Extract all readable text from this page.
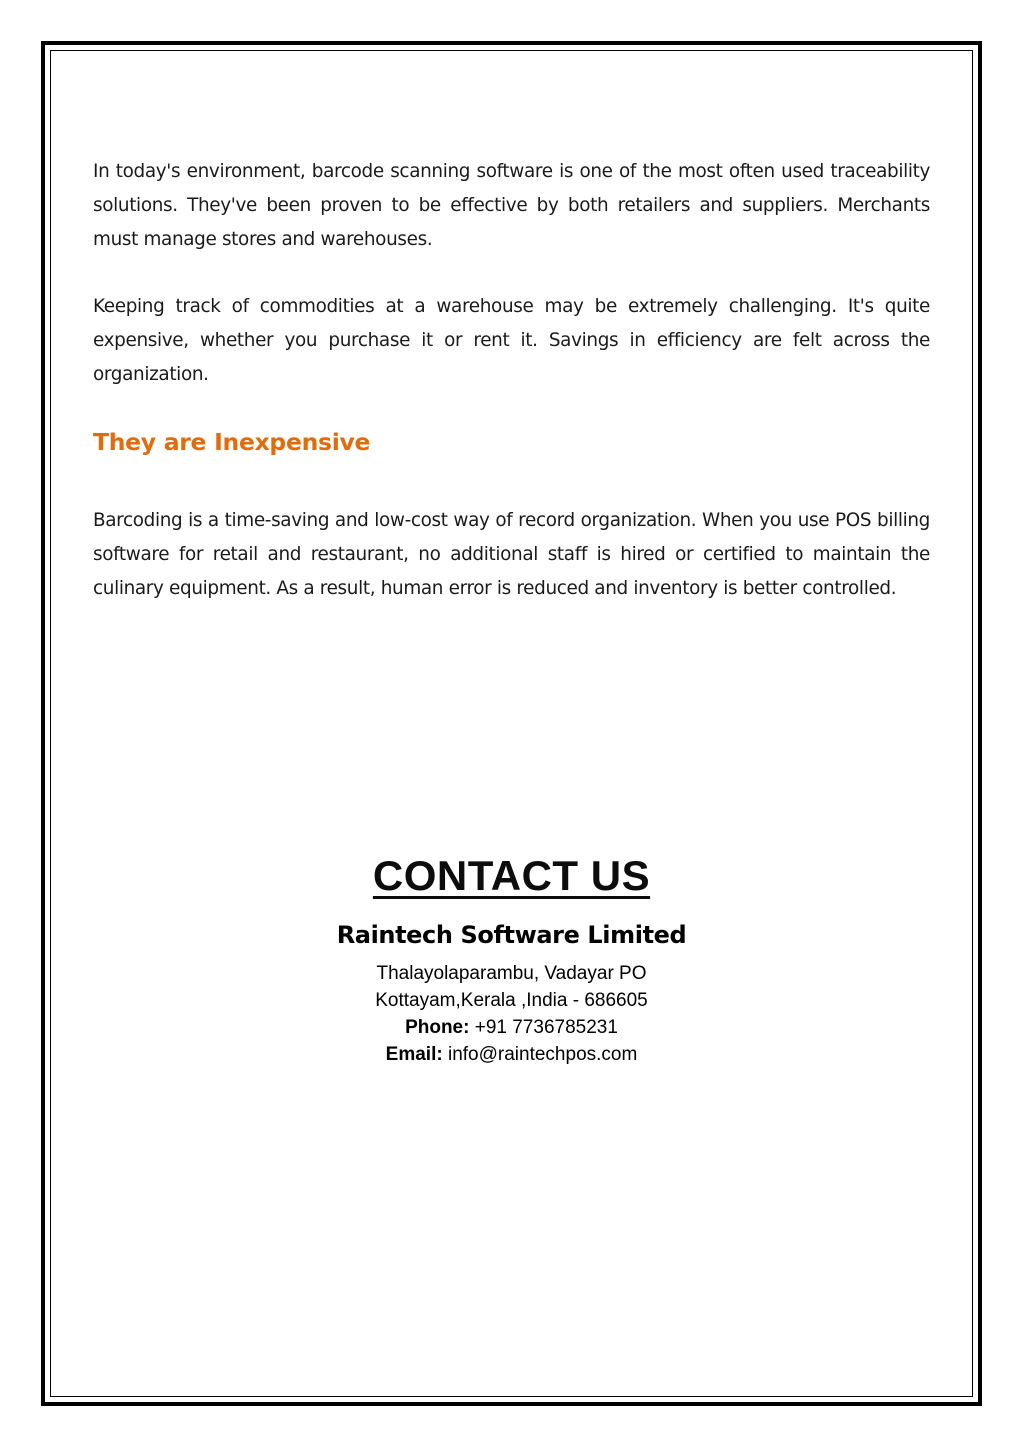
In today's environment, barcode scanning software is one of the most often used traceability solutions. They've been proven to be effective by both retailers and suppliers. Merchants must manage stores and warehouses.

Keeping track of commodities at a warehouse may be extremely challenging. It's quite expensive, whether you purchase it or rent it. Savings in efficiency are felt across the organization.

They are Inexpensive

Barcoding is a time-saving and low-cost way of record organization. When you use POS billing software for retail and restaurant, no additional staff is hired or certified to maintain the culinary equipment. As a result, human error is reduced and inventory is better controlled.

CONTACT US
Raintech Software Limited

Thalayolaparambu, Vadayar PO

Kottayam,Kerala ,India - 686605

Phone: +91 7736785231

Email: info@raintechpos.com
